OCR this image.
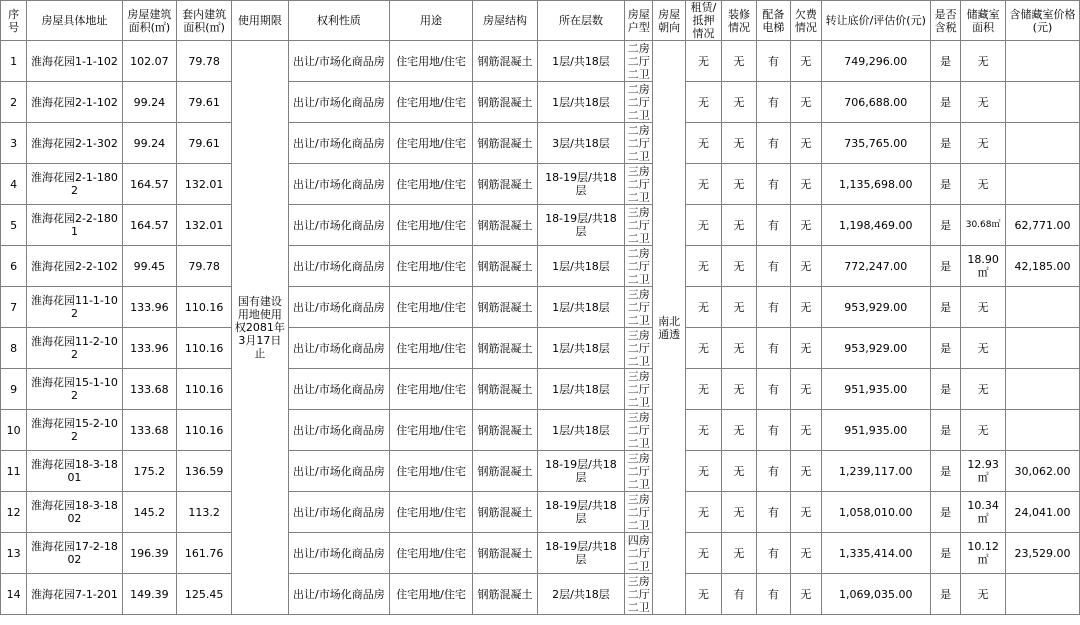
序号	房屋具体地址	房屋建筑面积(㎡)	套内建筑面积(㎡)	使用期限	权利性质	用途	房屋结构	所在层数	房屋户型	房屋朝向	租赁/抵押情况	装修情况	配备电梯	欠费情况	转让底价/评估价(元)	是否含税	储藏室面积	含储藏室价格(元)
1	淮海花园1-1-102	102.07	79.78	国有建设用地使用权2081年3月17日止	出让/市场化商品房	住宅用地/住宅	钢筋混凝土	1层/共18层	二房二厅二卫	南北通透	无	无	有	无	749,296.00	是	无	
2	淮海花园2-1-102	99.24	79.61		出让/市场化商品房	住宅用地/住宅	钢筋混凝土	1层/共18层	二房二厅二卫		无	无	有	无	706,688.00	是	无	
3	淮海花园2-1-302	99.24	79.61		出让/市场化商品房	住宅用地/住宅	钢筋混凝土	3层/共18层	二房二厅二卫		无	无	有	无	735,765.00	是	无	
4	淮海花园2-1-1802	164.57	132.01		出让/市场化商品房	住宅用地/住宅	钢筋混凝土	18-19层/共18层	三房二厅二卫		无	无	有	无	1,135,698.00	是	无	
5	淮海花园2-2-1801	164.57	132.01		出让/市场化商品房	住宅用地/住宅	钢筋混凝土	18-19层/共18层	三房二厅二卫		无	无	有	无	1,198,469.00	是	30.68㎡	62,771.00
6	淮海花园2-2-102	99.45	79.78		出让/市场化商品房	住宅用地/住宅	钢筋混凝土	1层/共18层	二房二厅二卫		无	无	有	无	772,247.00	是	18.90㎡	42,185.00
7	淮海花园11-1-102	133.96	110.16		出让/市场化商品房	住宅用地/住宅	钢筋混凝土	1层/共18层	三房二厅二卫		无	无	有	无	953,929.00	是	无	
8	淮海花园11-2-102	133.96	110.16		出让/市场化商品房	住宅用地/住宅	钢筋混凝土	1层/共18层	三房二厅二卫		无	无	有	无	953,929.00	是	无	
9	淮海花园15-1-102	133.68	110.16		出让/市场化商品房	住宅用地/住宅	钢筋混凝土	1层/共18层	三房二厅二卫		无	无	有	无	951,935.00	是	无	
10	淮海花园15-2-102	133.68	110.16		出让/市场化商品房	住宅用地/住宅	钢筋混凝土	1层/共18层	三房二厅二卫		无	无	有	无	951,935.00	是	无	
11	淮海花园18-3-1801	175.2	136.59		出让/市场化商品房	住宅用地/住宅	钢筋混凝土	18-19层/共18层	三房二厅二卫		无	无	有	无	1,239,117.00	是	12.93㎡	30,062.00
12	淮海花园18-3-1802	145.2	113.2		出让/市场化商品房	住宅用地/住宅	钢筋混凝土	18-19层/共18层	三房二厅二卫		无	无	有	无	1,058,010.00	是	10.34㎡	24,041.00
13	淮海花园17-2-1802	196.39	161.76		出让/市场化商品房	住宅用地/住宅	钢筋混凝土	18-19层/共18层	四房二厅二卫		无	无	有	无	1,335,414.00	是	10.12㎡	23,529.00
14	淮海花园7-1-201	149.39	125.45		出让/市场化商品房	住宅用地/住宅	钢筋混凝土	2层/共18层	三房二厅二卫		无	有	有	无	1,069,035.00	是	无	
